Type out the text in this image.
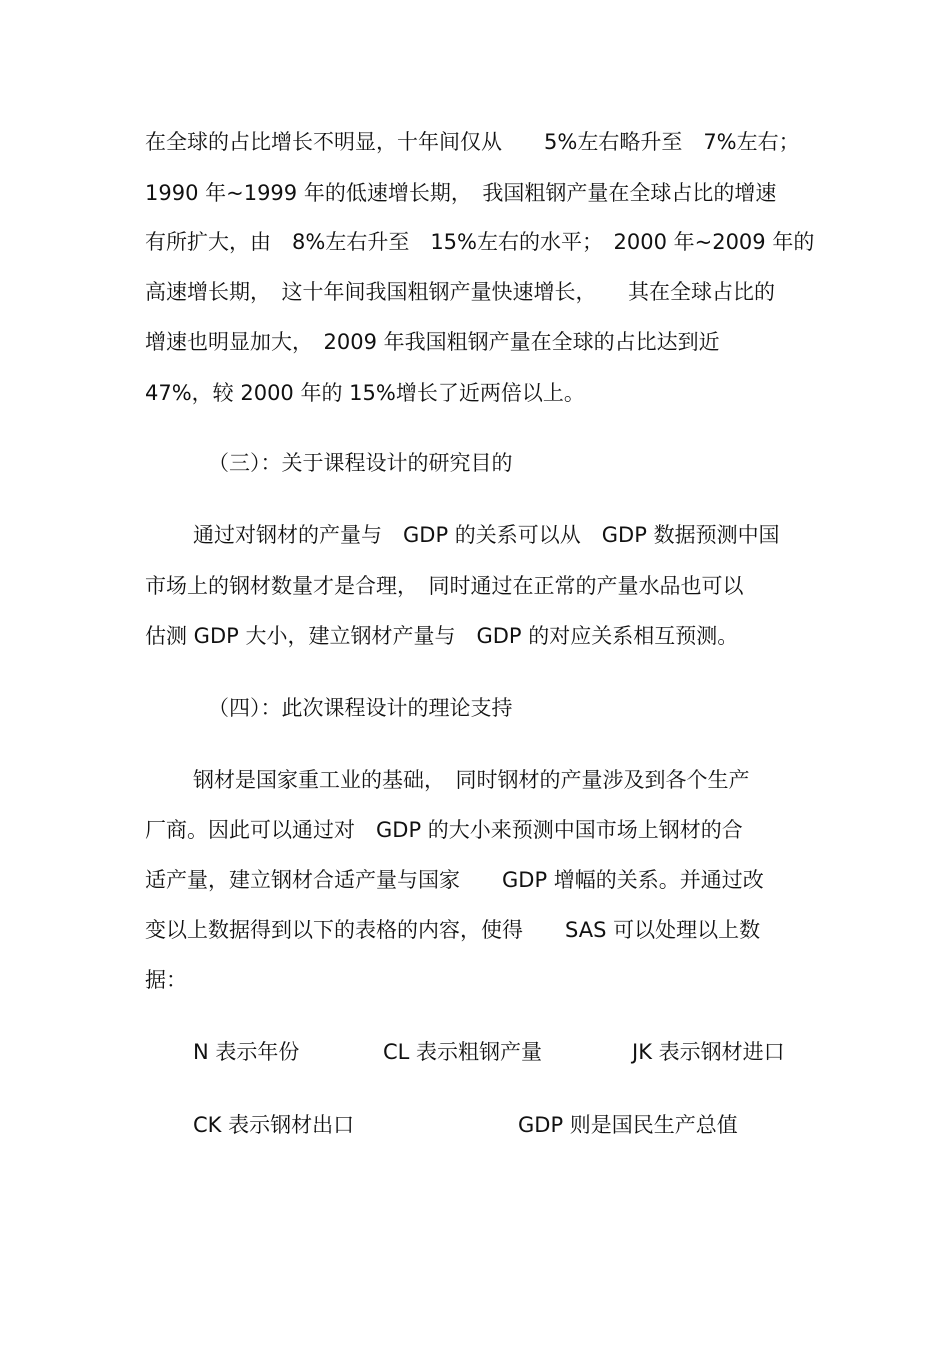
在全球的占比增长不明显，十年间仅从　　5%左右略升至　7%左右；
1990 年~1999 年的低速增长期，　我国粗钢产量在全球占比的增速
有所扩大，由　8%左右升至　15%左右的水平；　2000 年~2009 年的
高速增长期，　这十年间我国粗钢产量快速增长，　　其在全球占比的
增速也明显加大，　2009 年我国粗钢产量在全球的占比达到近
47%，较 2000 年的 15%增长了近两倍以上。
（三）：关于课程设计的研究目的
通过对钢材的产量与　GDP 的关系可以从　GDP 数据预测中国
市场上的钢材数量才是合理，　同时通过在正常的产量水品也可以
估测 GDP 大小，建立钢材产量与　GDP 的对应关系相互预测。
（四）：此次课程设计的理论支持
钢材是国家重工业的基础，　同时钢材的产量涉及到各个生产
厂商。因此可以通过对　GDP 的大小来预测中国市场上钢材的合
适产量，建立钢材合适产量与国家　　GDP 增幅的关系。并通过改
变以上数据得到以下的表格的内容，使得　　SAS 可以处理以上数
据：
N 表示年份	CL 表示粗钢产量	JK 表示钢材进口
CK 表示钢材出口	GDP 则是国民生产总值
